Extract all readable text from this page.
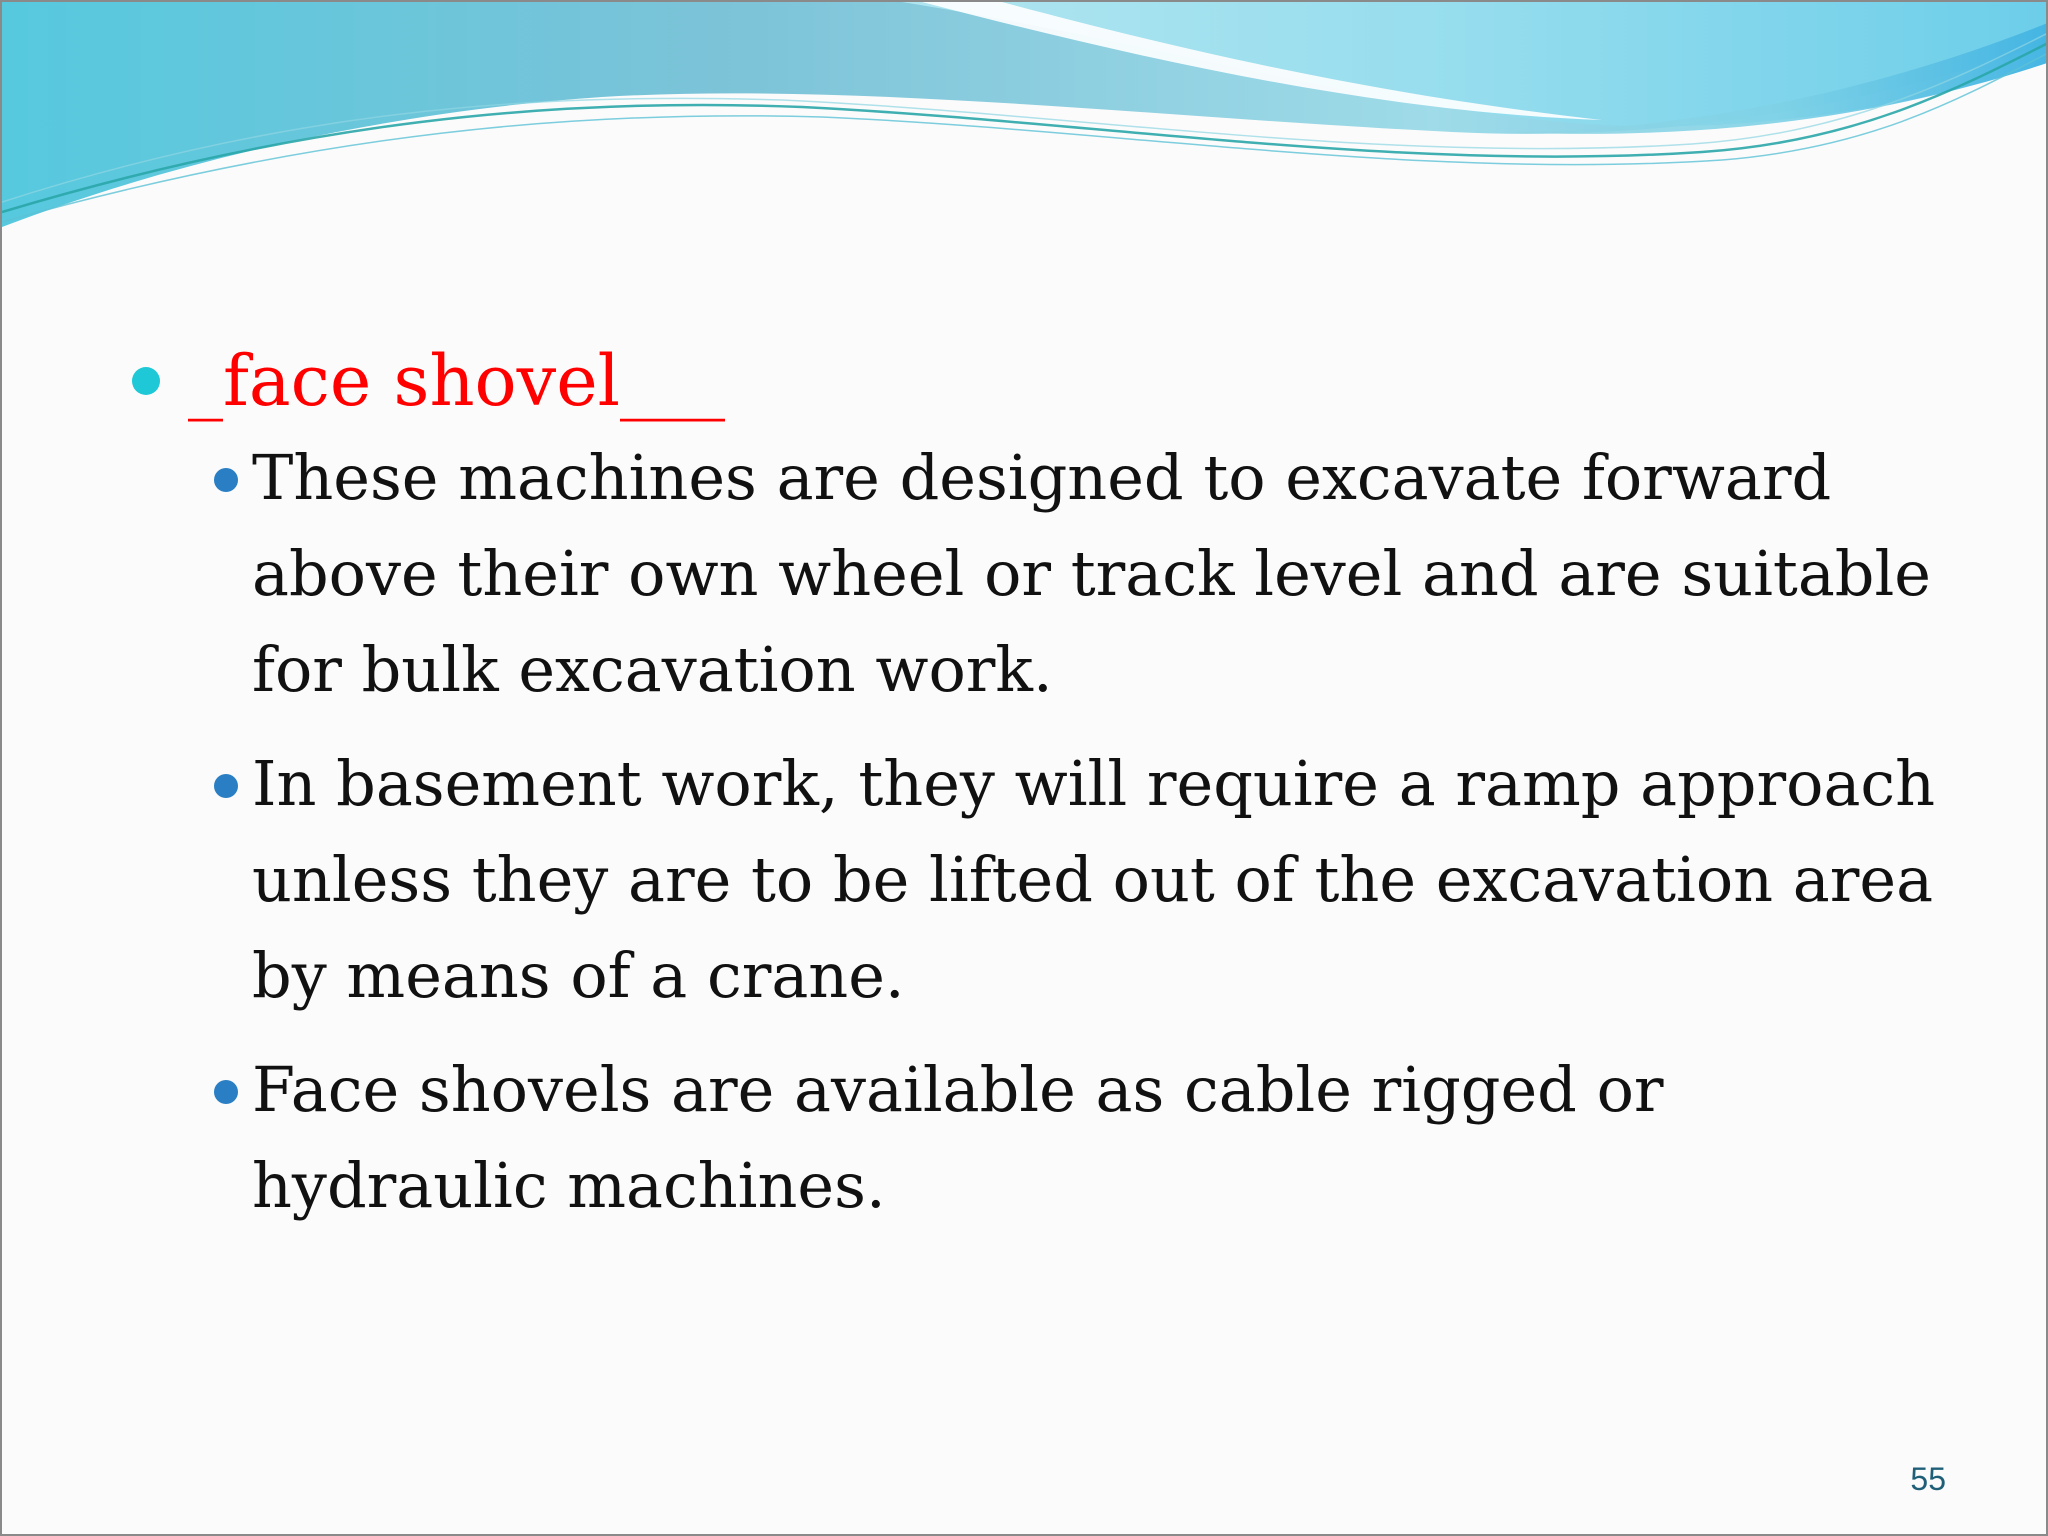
_face shovel___
These machines are designed to excavate forward above their own wheel or track level and are suitable for bulk excavation work.
In basement work, they will require a ramp approach unless they are to be lifted out of the excavation area by means of a crane.
Face shovels are available as cable rigged or hydraulic machines.
55
